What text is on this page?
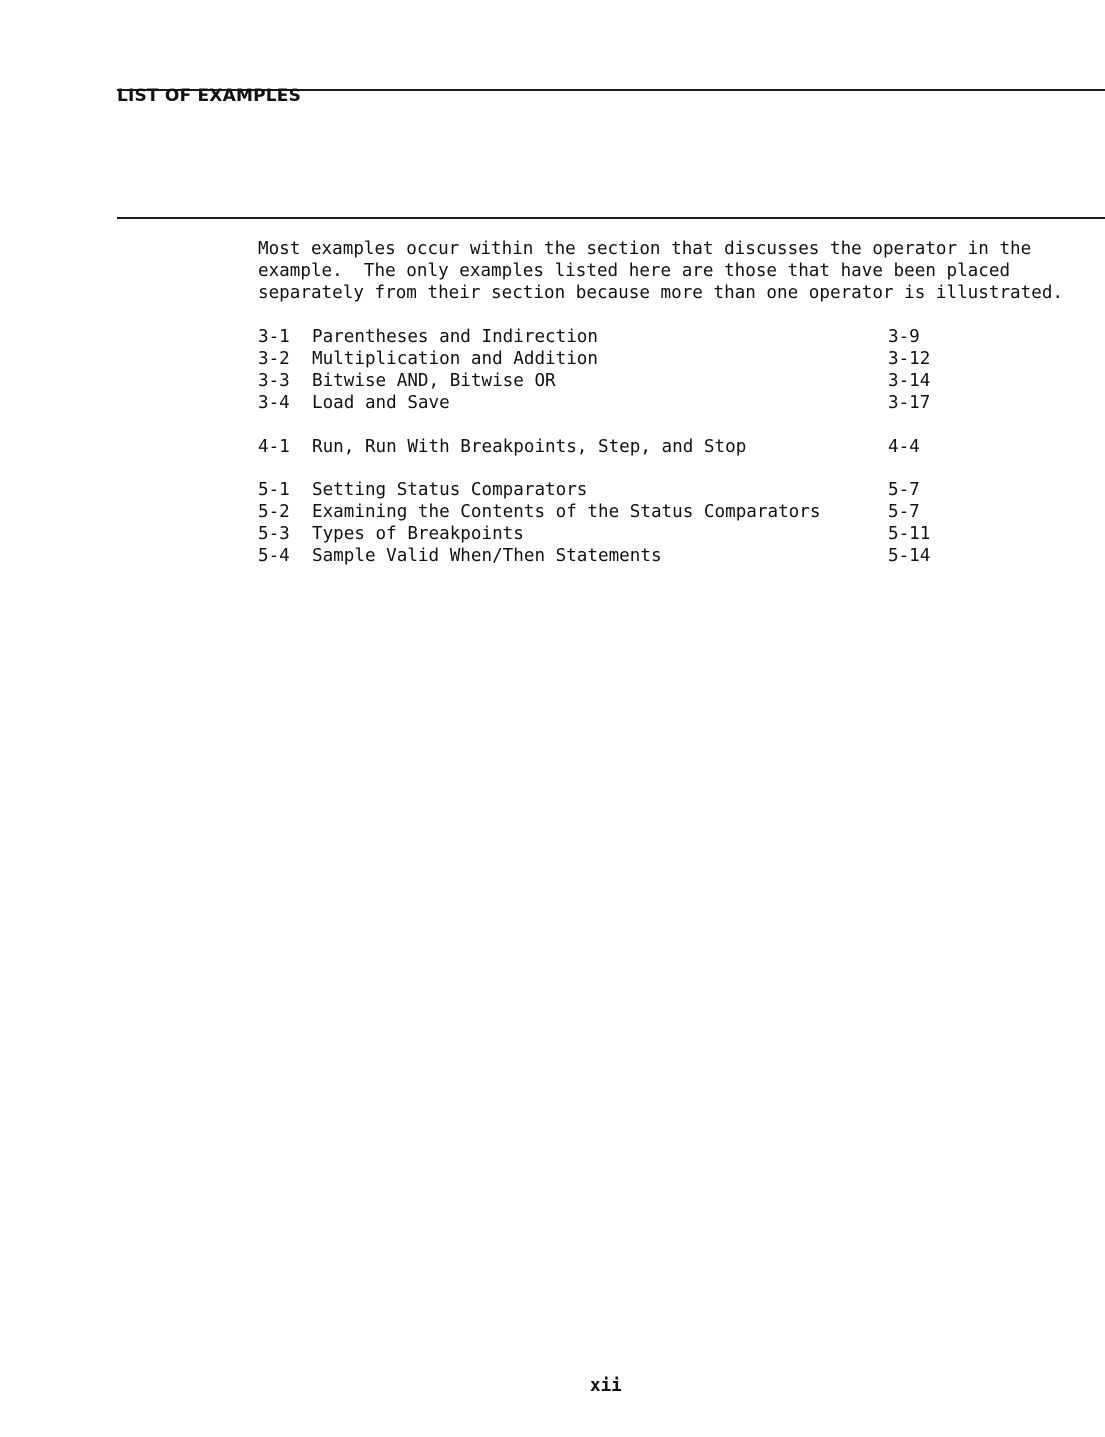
LIST OF EXAMPLES
Most examples occur within the section that discusses the operator in the
example.  The only examples listed here are those that have been placed
separately from their section because more than one operator is illustrated.
3-1 Parentheses and Indirection	3-9
3-2 Multiplication and Addition	3-12
3-3 Bitwise AND, Bitwise OR	3-14
3-4 Load and Save	3-17
4-1 Run, Run With Breakpoints, Step, and Stop	4-4
5-1 Setting Status Comparators	5-7
5-2 Examining the Contents of the Status Comparators	5-7
5-3 Types of Breakpoints	5-11
5-4 Sample Valid When/Then Statements	5-14
xii
